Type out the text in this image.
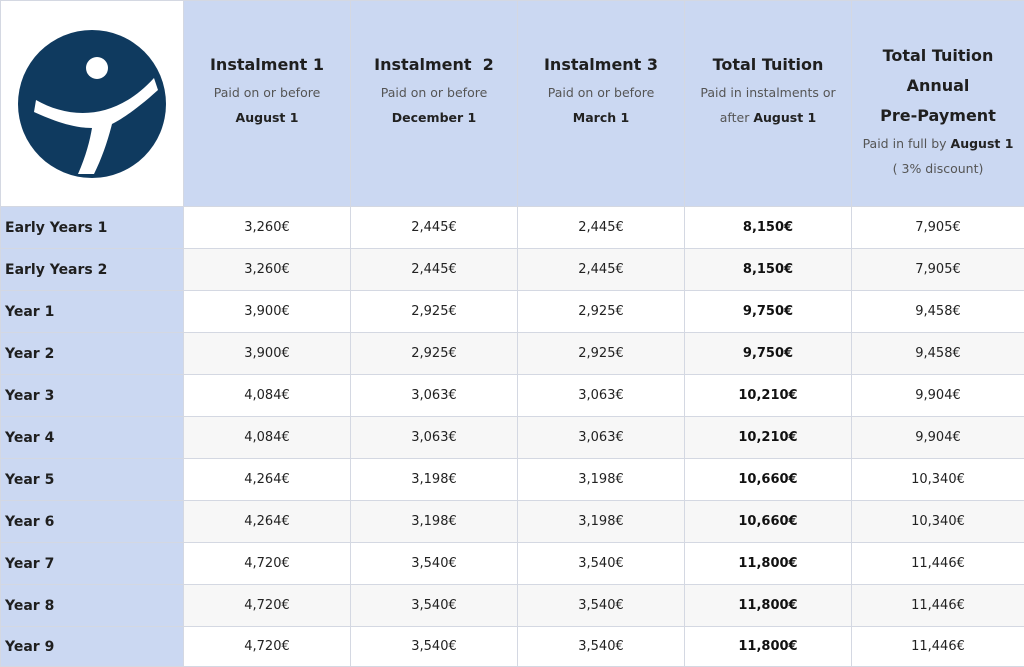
Instalment 1
Paid on or before
August 1	Instalment  2
Paid on or before
December 1	Instalment 3
Paid on or before
March 1	Total Tuition
Paid in instalments or
after August 1	Total Tuition
Annual
Pre-Payment
Paid in full by August 1
( 3% discount)

Early Years 1	3,260€	2,445€	2,445€	8,150€	7,905€
Early Years 2	3,260€	2,445€	2,445€	8,150€	7,905€
Year 1	3,900€	2,925€	2,925€	9,750€	9,458€
Year 2	3,900€	2,925€	2,925€	9,750€	9,458€
Year 3	4,084€	3,063€	3,063€	10,210€	9,904€
Year 4	4,084€	3,063€	3,063€	10,210€	9,904€
Year 5	4,264€	3,198€	3,198€	10,660€	10,340€
Year 6	4,264€	3,198€	3,198€	10,660€	10,340€
Year 7	4,720€	3,540€	3,540€	11,800€	11,446€
Year 8	4,720€	3,540€	3,540€	11,800€	11,446€
Year 9	4,720€	3,540€	3,540€	11,800€	11,446€
